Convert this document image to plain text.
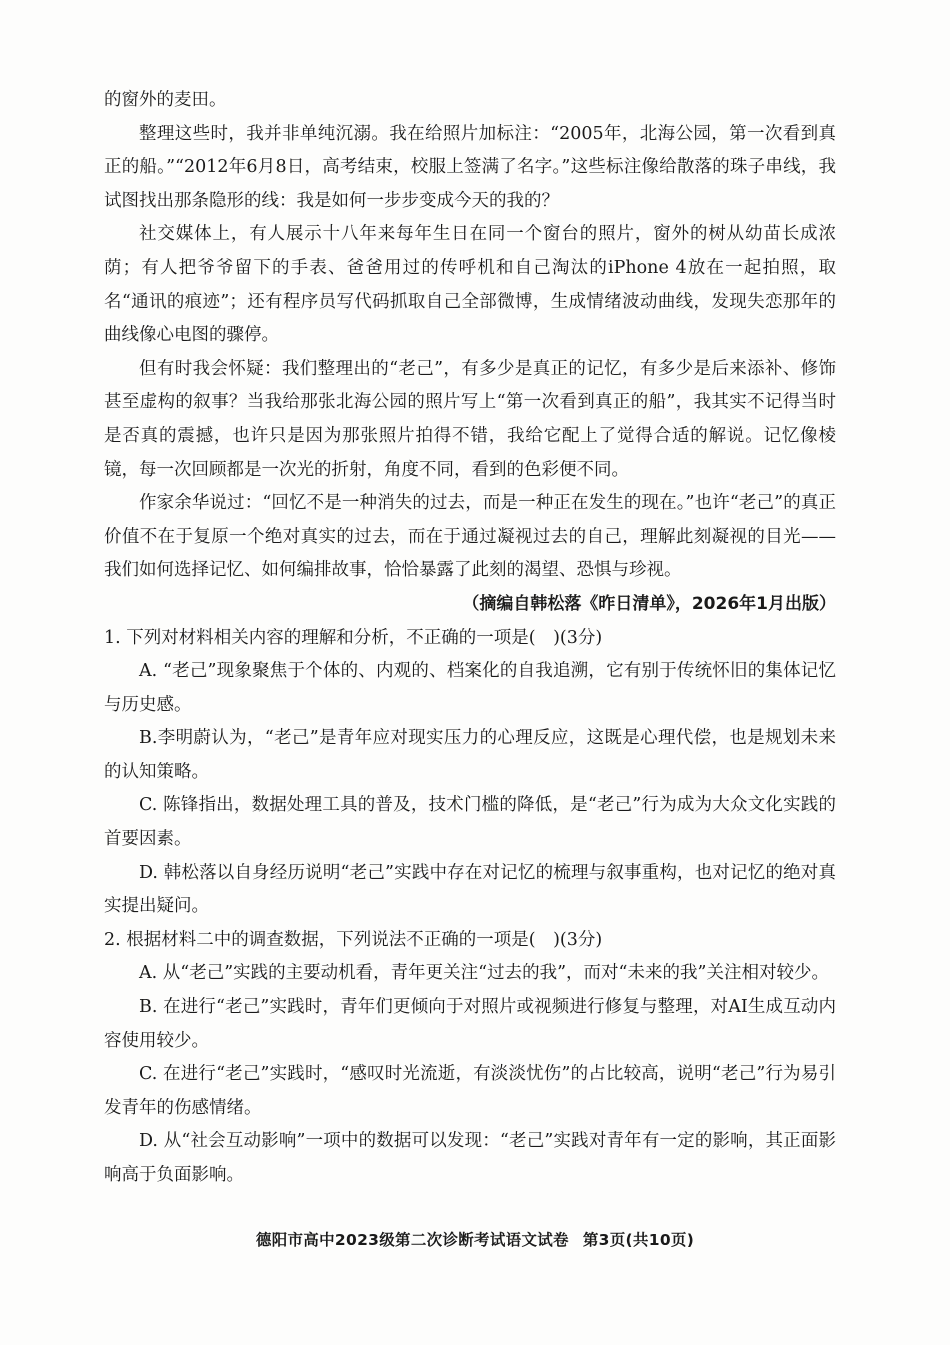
的窗外的麦田。

整理这些时，我并非单纯沉溺。我在给照片加标注：“2005年，北海公园，第一次看到真正的船。”“2012年6月8日，高考结束，校服上签满了名字。”这些标注像给散落的珠子串线，我试图找出那条隐形的线：我是如何一步步变成今天的我的？

社交媒体上，有人展示十八年来每年生日在同一个窗台的照片，窗外的树从幼苗长成浓荫；有人把爷爷留下的手表、爸爸用过的传呼机和自己淘汰的iPhone 4放在一起拍照，取名“通讯的痕迹”；还有程序员写代码抓取自己全部微博，生成情绪波动曲线，发现失恋那年的曲线像心电图的骤停。

但有时我会怀疑：我们整理出的“老己”，有多少是真正的记忆，有多少是后来添补、修饰甚至虚构的叙事？当我给那张北海公园的照片写上“第一次看到真正的船”，我其实不记得当时是否真的震撼，也许只是因为那张照片拍得不错，我给它配上了觉得合适的解说。记忆像棱镜，每一次回顾都是一次光的折射，角度不同，看到的色彩便不同。

作家余华说过：“回忆不是一种消失的过去，而是一种正在发生的现在。”也许“老己”的真正价值不在于复原一个绝对真实的过去，而在于通过凝视过去的自己，理解此刻凝视的目光——我们如何选择记忆、如何编排故事，恰恰暴露了此刻的渴望、恐惧与珍视。

（摘编自韩松落《昨日清单》，2026年1月出版）

1. 下列对材料相关内容的理解和分析，不正确的一项是(　)(3分)

A. “老己”现象聚焦于个体的、内观的、档案化的自我追溯，它有别于传统怀旧的集体记忆与历史感。

B.李明蔚认为，“老己”是青年应对现实压力的心理反应，这既是心理代偿，也是规划未来的认知策略。

C. 陈锋指出，数据处理工具的普及，技术门槛的降低，是“老己”行为成为大众文化实践的首要因素。

D. 韩松落以自身经历说明“老己”实践中存在对记忆的梳理与叙事重构，也对记忆的绝对真实提出疑问。

2. 根据材料二中的调查数据，下列说法不正确的一项是(　)(3分)

A. 从“老己”实践的主要动机看，青年更关注“过去的我”，而对“未来的我”关注相对较少。

B. 在进行“老己”实践时，青年们更倾向于对照片或视频进行修复与整理，对AI生成互动内容使用较少。

C. 在进行“老己”实践时，“感叹时光流逝，有淡淡忧伤”的占比较高，说明“老己”行为易引发青年的伤感情绪。

D. 从“社会互动影响”一项中的数据可以发现：“老己”实践对青年有一定的影响，其正面影响高于负面影响。

德阳市高中2023级第二次诊断考试语文试卷 第3页(共10页)
